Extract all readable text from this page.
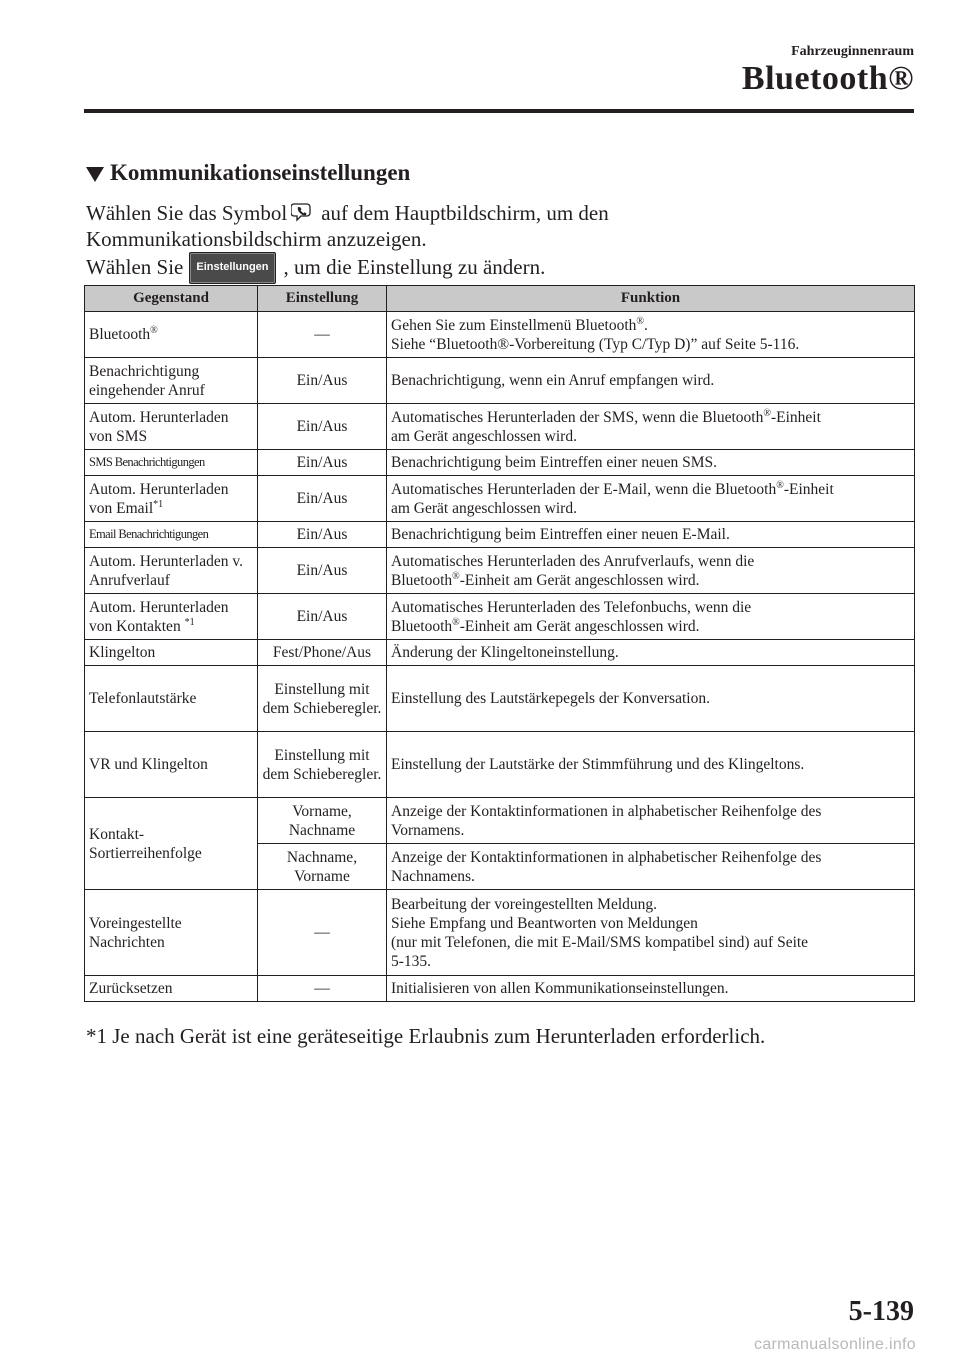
Fahrzeuginnenraum
Bluetooth®
Kommunikationseinstellungen

Wählen Sie das Symbol auf dem Hauptbildschirm, um den

Kommunikationsbildschirm anzuzeigen.

Wählen Sie Einstellungen , um die Einstellung zu ändern.

Gegenstand	Einstellung	Funktion
Bluetooth®	—	Gehen Sie zum Einstellmenü Bluetooth®.
Siehe “Bluetooth®-Vorbereitung (Typ C/Typ D)” auf Seite 5-116.
Benachrichtigung eingehender Anruf	Ein/Aus	Benachrichtigung, wenn ein Anruf empfangen wird.
Autom. Herunterladen von SMS	Ein/Aus	Automatisches Herunterladen der SMS, wenn die Bluetooth®-Einheit
am Gerät angeschlossen wird.
SMS Benachrichtigungen	Ein/Aus	Benachrichtigung beim Eintreffen einer neuen SMS.
Autom. Herunterladen von Email$^{*1}$	Ein/Aus	Automatisches Herunterladen der E-Mail, wenn die Bluetooth®-Einheit
am Gerät angeschlossen wird.
Email Benachrichtigungen	Ein/Aus	Benachrichtigung beim Eintreffen einer neuen E-Mail.
Autom. Herunterladen v. Anrufverlauf	Ein/Aus	Automatisches Herunterladen des Anrufverlaufs, wenn die
Bluetooth®-Einheit am Gerät angeschlossen wird.
Autom. Herunterladen von Kontakten $^{*1}$	Ein/Aus	Automatisches Herunterladen des Telefonbuchs, wenn die
Bluetooth®-Einheit am Gerät angeschlossen wird.
Klingelton	Fest/Phone/Aus	Änderung der Klingeltoneinstellung.
Telefonlautstärke	Einstellung mit dem Schieberegler.	Einstellung des Lautstärkepegels der Konversation.
VR und Klingelton	Einstellung mit dem Schieberegler.	Einstellung der Lautstärke der Stimmführung und des Klingeltons.
Kontakt-Sortierreihenfolge	Vorname, Nachname	Anzeige der Kontaktinformationen in alphabetischer Reihenfolge des
Vornamens.
	Nachname, Vorname	Anzeige der Kontaktinformationen in alphabetischer Reihenfolge des
Nachnamens.
Voreingestellte Nachrichten	—	Bearbeitung der voreingestellten Meldung.
Siehe Empfang und Beantworten von Meldungen
(nur mit Telefonen, die mit E-Mail/SMS kompatibel sind) auf Seite
5-135.
Zurücksetzen	—	Initialisieren von allen Kommunikationseinstellungen.
*1 Je nach Gerät ist eine geräteseitige Erlaubnis zum Herunterladen erforderlich.
5-139
carmanualsonline.info
